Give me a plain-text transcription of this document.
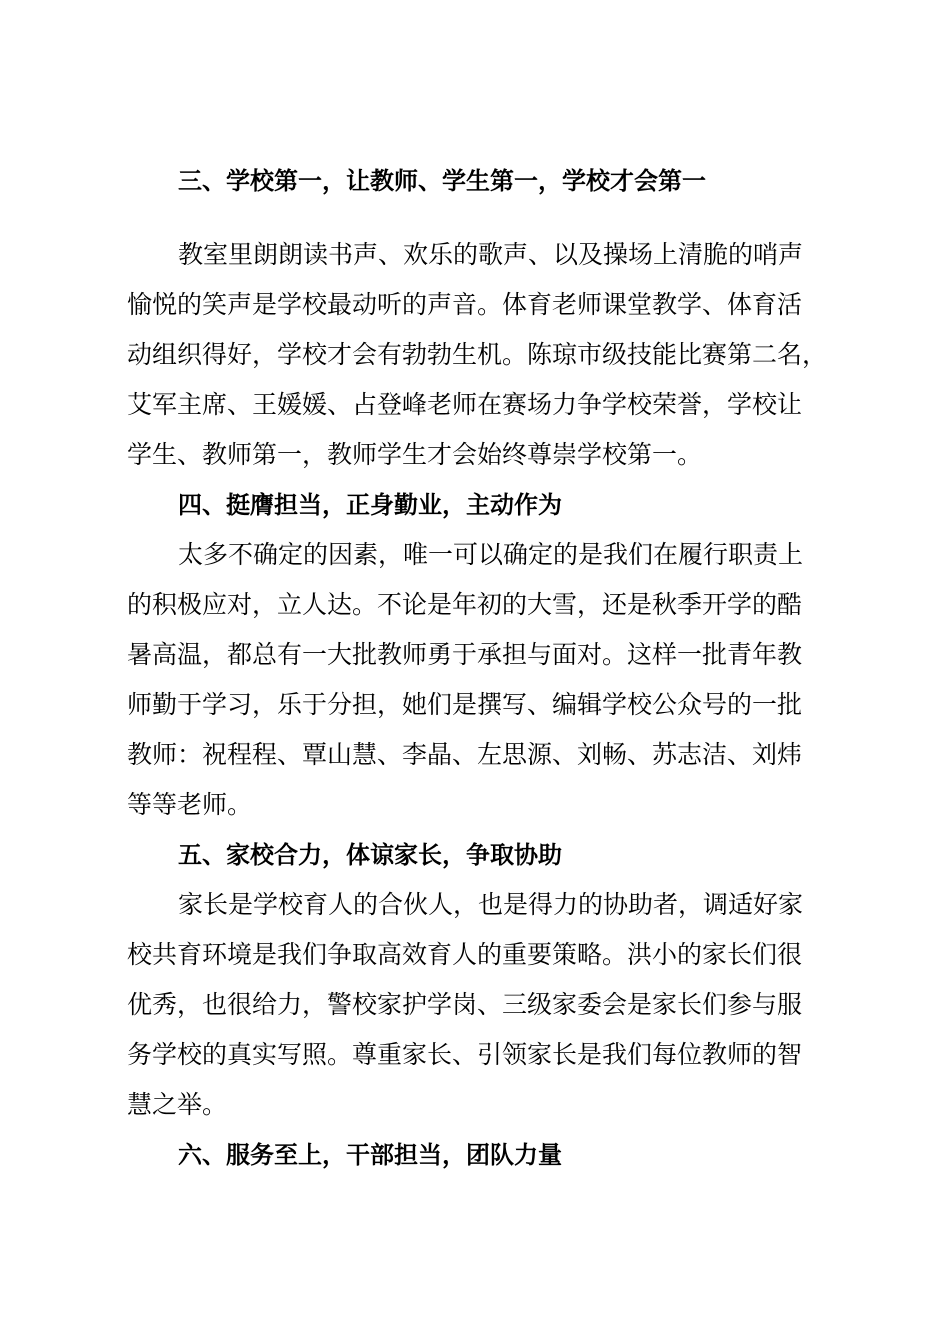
三、学校第一，让教师、学生第一，学校才会第一
教室里朗朗读书声、欢乐的歌声、以及操场上清脆的哨声
愉悦的笑声是学校最动听的声音。体育老师课堂教学、体育活
动组织得好，学校才会有勃勃生机。陈琼市级技能比赛第二名，
艾军主席、王媛媛、占登峰老师在赛场力争学校荣誉，学校让
学生、教师第一，教师学生才会始终尊崇学校第一。
四、挺膺担当，正身勤业，主动作为
太多不确定的因素，唯一可以确定的是我们在履行职责上
的积极应对，立人达。不论是年初的大雪，还是秋季开学的酷
暑高温，都总有一大批教师勇于承担与面对。这样一批青年教
师勤于学习，乐于分担，她们是撰写、编辑学校公众号的一批
教师：祝程程、覃山慧、李晶、左思源、刘畅、苏志洁、刘炜
等等老师。
五、家校合力，体谅家长，争取协助
家长是学校育人的合伙人，也是得力的协助者，调适好家
校共育环境是我们争取高效育人的重要策略。洪小的家长们很
优秀，也很给力，警校家护学岗、三级家委会是家长们参与服
务学校的真实写照。尊重家长、引领家长是我们每位教师的智
慧之举。
六、服务至上，干部担当，团队力量
